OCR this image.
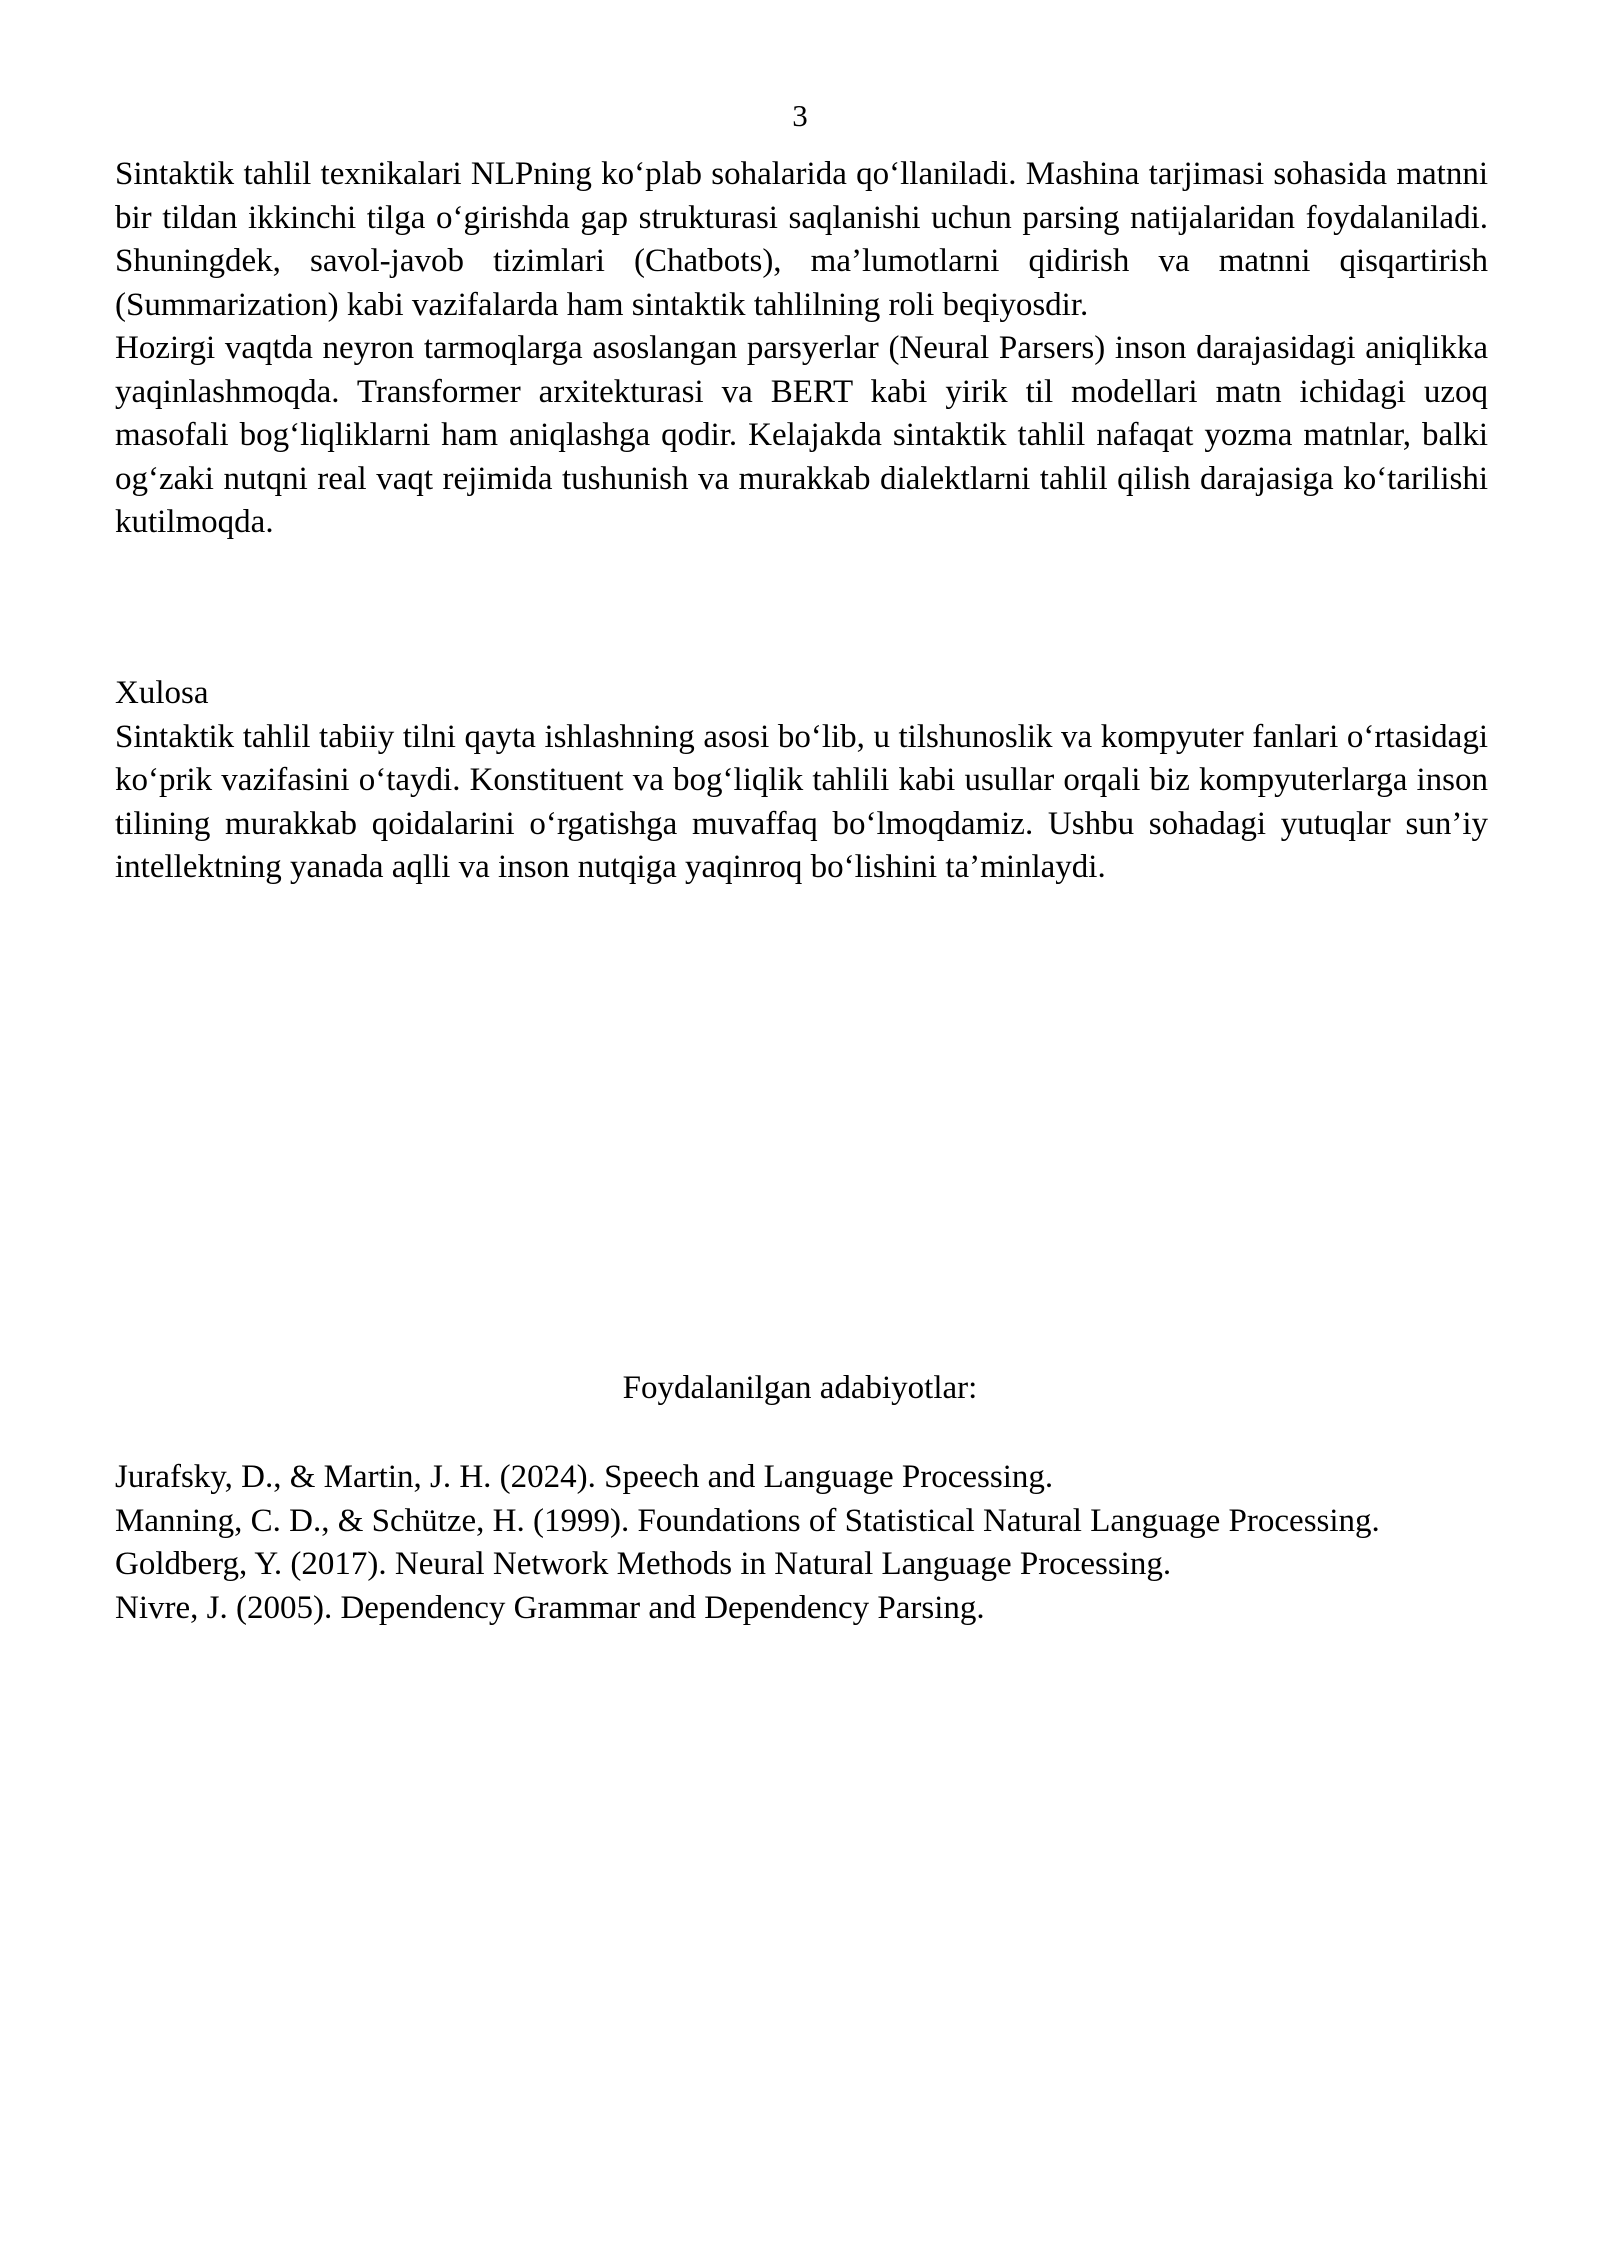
3

Sintaktik tahlil texnikalari NLPning ko‘plab sohalarida qo‘llaniladi. Mashina tarjimasi sohasida matnni bir tildan ikkinchi tilga o‘girishda gap strukturasi saqlanishi uchun parsing natijalaridan foydalaniladi. Shuningdek, savol-javob tizimlari (Chatbots), ma’lumotlarni qidirish va matnni qisqartirish (Summarization) kabi vazifalarda ham sintaktik tahlilning roli beqiyosdir.

Hozirgi vaqtda neyron tarmoqlarga asoslangan parsyerlar (Neural Parsers) inson darajasidagi aniqlikka yaqinlashmoqda. Transformer arxitekturasi va BERT kabi yirik til modellari matn ichidagi uzoq masofali bog‘liqliklarni ham aniqlashga qodir. Kelajakda sintaktik tahlil nafaqat yozma matnlar, balki og‘zaki nutqni real vaqt rejimida tushunish va murakkab dialektlarni tahlil qilish darajasiga ko‘tarilishi kutilmoqda.

Xulosa

Sintaktik tahlil tabiiy tilni qayta ishlashning asosi bo‘lib, u tilshunoslik va kompyuter fanlari o‘rtasidagi ko‘prik vazifasini o‘taydi. Konstituent va bog‘liqlik tahlili kabi usullar orqali biz kompyuterlarga inson tilining murakkab qoidalarini o‘rgatishga muvaffaq bo‘lmoqdamiz. Ushbu sohadagi yutuqlar sun’iy intellektning yanada aqlli va inson nutqiga yaqinroq bo‘lishini ta’minlaydi.

Foydalanilgan adabiyotlar:

Jurafsky, D., & Martin, J. H. (2024). Speech and Language Processing.

Manning, C. D., & Schütze, H. (1999). Foundations of Statistical Natural Language Processing.

Goldberg, Y. (2017). Neural Network Methods in Natural Language Processing.

Nivre, J. (2005). Dependency Grammar and Dependency Parsing.
